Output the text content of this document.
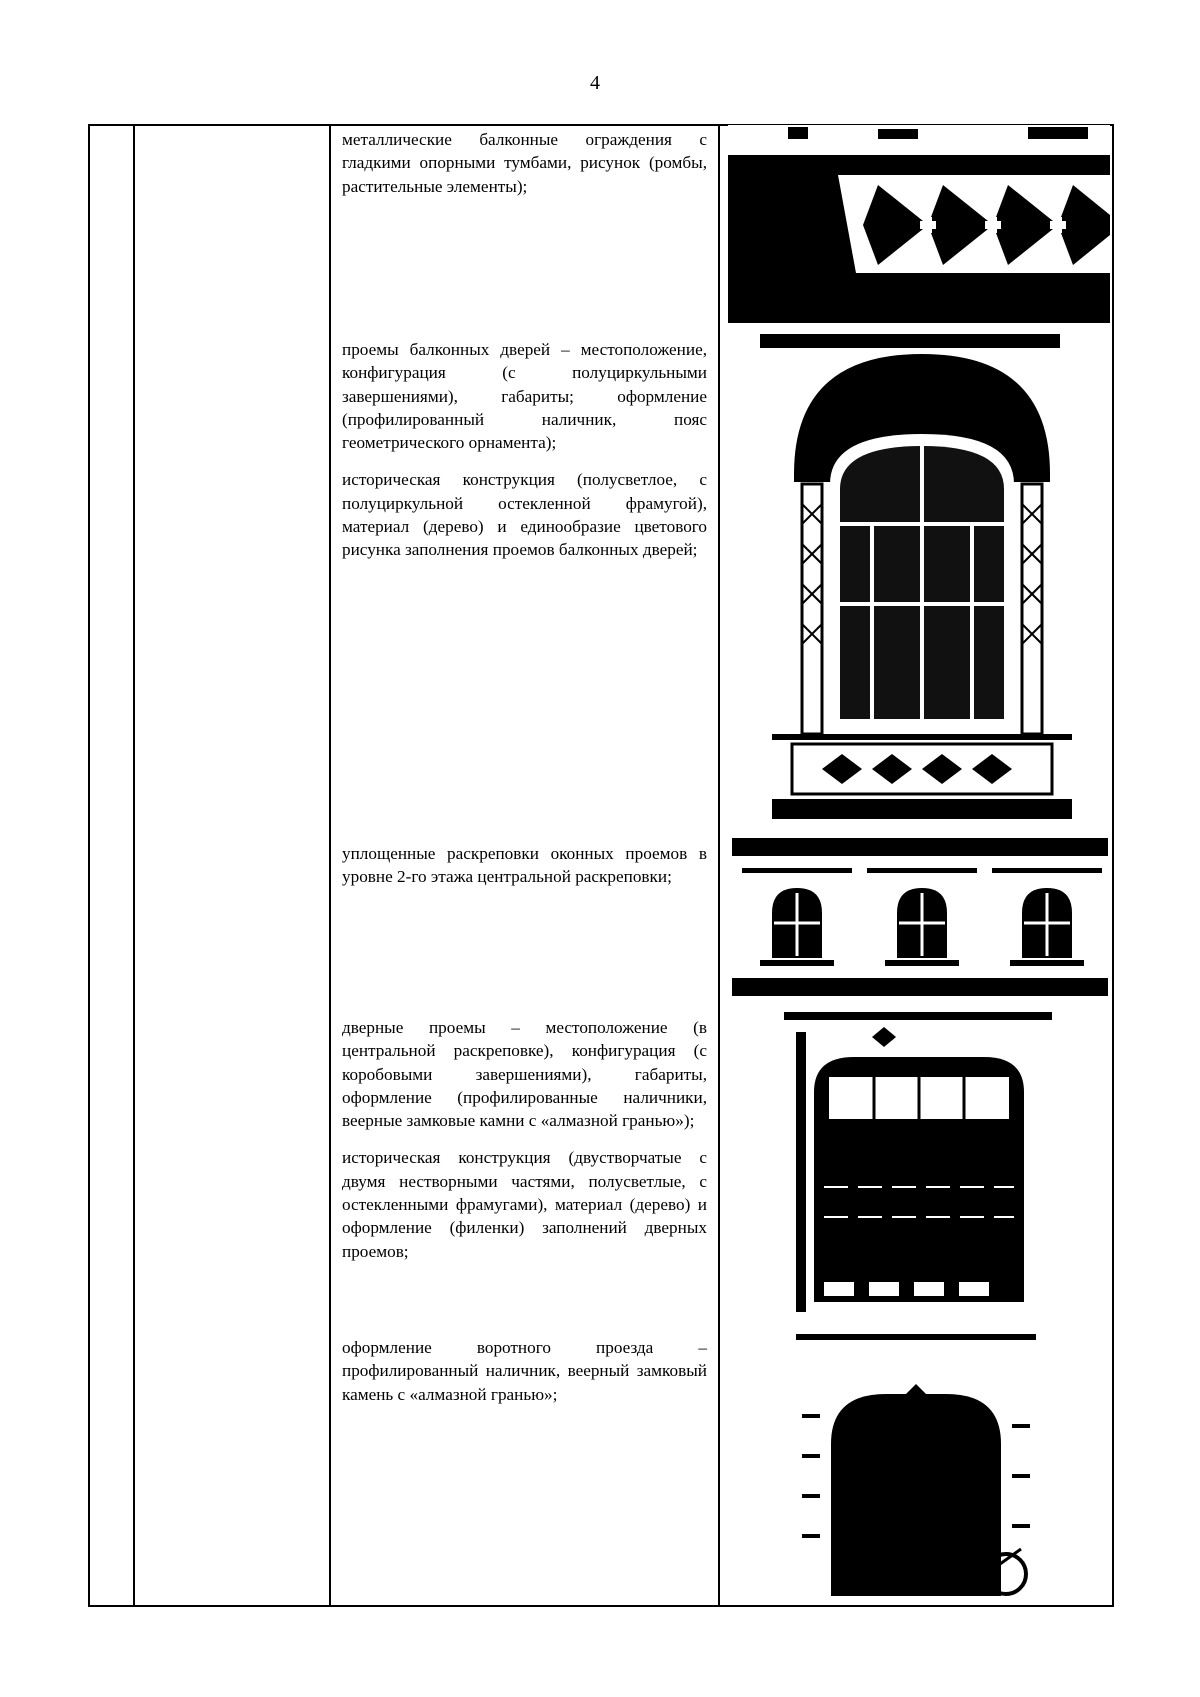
4

металлические балконные ограждения с гладкими опорными тумбами, рисунок (ромбы, растительные элементы);

проемы балконных дверей – местоположение, конфигурация (с полуциркульными завершениями), габариты; оформление (профилированный наличник, пояс геометрического орнамента);

историческая конструкция (полусветлое, с полуциркульной остекленной фрамугой), материал (дерево) и единообразие цветового рисунка заполнения проемов балконных дверей;

уплощенные раскреповки оконных проемов в уровне 2-го этажа центральной раскреповки;

дверные проемы – местоположение (в центральной раскреповке), конфигурация (с коробовыми завершениями), габариты, оформление (профилированные наличники, веерные замковые камни с «алмазной гранью»);

историческая конструкция (двустворчатые с двумя нестворными частями, полусветлые, с остекленными фрамугами), материал (дерево) и оформление (филенки) заполнений дверных проемов;

оформление воротного проезда – профилированный наличник, веерный замковый камень с «алмазной гранью»;
